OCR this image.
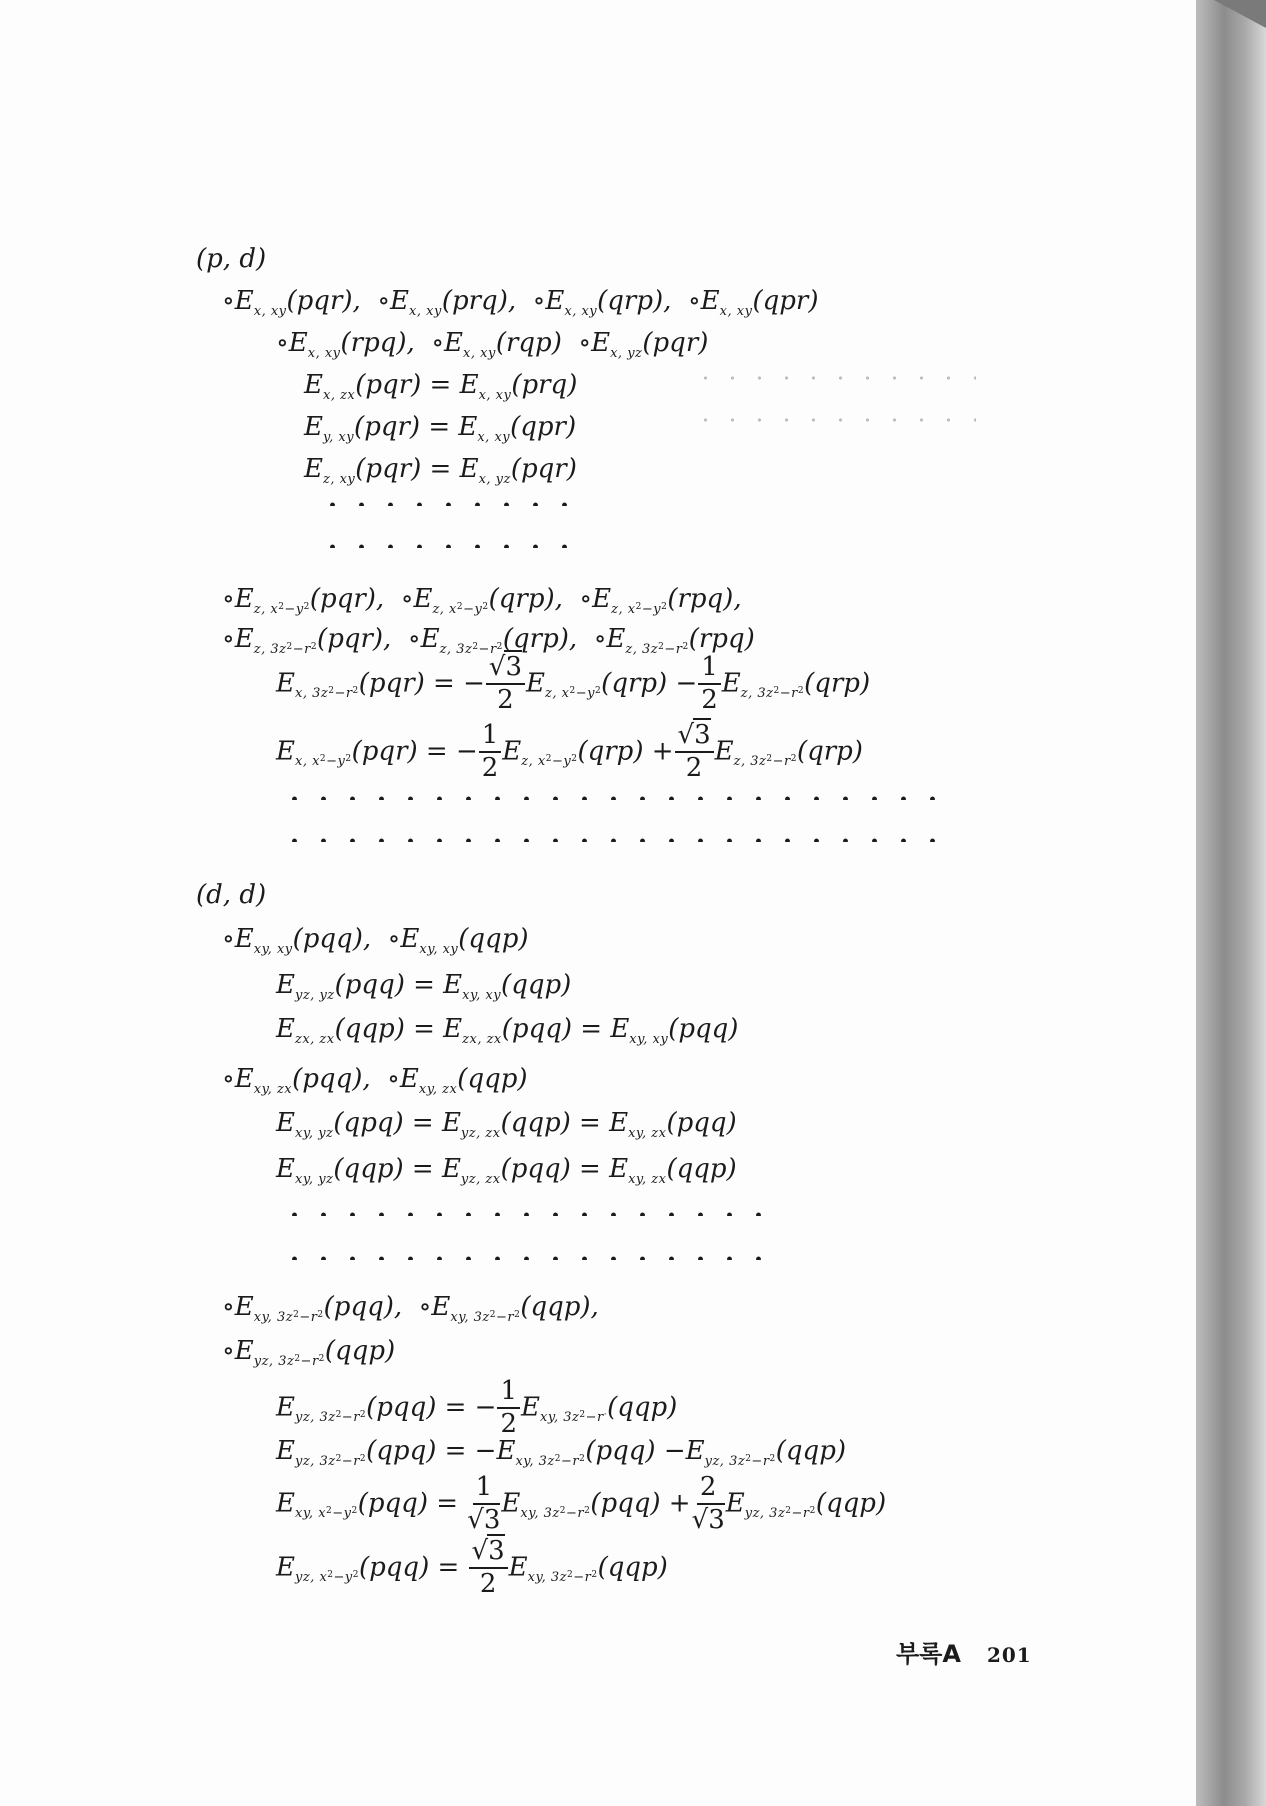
(p, d)
$\circ E_{x, xy}(pqr)$,  $\circ E_{x, xy}(prq)$,  $\circ E_{x, xy}(qrp)$,  $\circ E_{x, xy}(qpr)$
$\circ E_{x, xy}(rpq)$,  $\circ E_{x, xy}(rqp)$  $\circ E_{x, yz}(pqr)$
$E_{x, zx}(pqr) = E_{x, xy}(prq)$
$E_{y, xy}(pqr) = E_{x, xy}(qpr)$
$E_{z, xy}(pqr) = E_{x, yz}(pqr)$
$\circ E_{z, x^2-y^2}(pqr)$,  $\circ E_{z, x^2-y^2}(qrp)$,  $\circ E_{z, x^2-y^2}(rpq)$,
$\circ E_{z, 3z^2-r^2}(pqr)$,  $\circ E_{z, 3z^2-r^2}(qrp)$,  $\circ E_{z, 3z^2-r^2}(rpq)$
$E_{x, 3z^2-r^2}(pqr)$ = − $\frac{√3}{2} E_{z, x^2-y^2}(qrp) - \frac{1}{2} E_{z, 3z^2-r^2}(qrp)$
$E_{x, x^2-y^2}(pqr)$ = − $\frac{1}{2} E_{z, x^2-y^2}(qrp) + \frac{√3}{2} E_{z, 3z^2-r^2}(qrp)$
(d, d)
$\circ E_{xy, xy}(pqq)$,  $\circ E_{xy, xy}(qqp)$
$E_{yz, yz}(pqq) = E_{xy, xy}(qqp)$
$E_{zx, zx}(qqp) = E_{zx, zx}(pqq) = E_{xy, xy}(pqq)$
$\circ E_{xy, zx}(pqq)$,  $\circ E_{xy, zx}(qqp)$
$E_{xy, yz}(qpq) = E_{yz, zx}(qqp) = E_{xy, zx}(pqq)$
$E_{xy, yz}(qqp) = E_{yz, zx}(pqq) = E_{xy, zx}(qqp)$
$\circ E_{xy, 3z^2-r^2}(pqq)$,  $\circ E_{xy, 3z^2-r^2}(qqp)$,
$\circ E_{yz, 3z^2-r^2}(qqp)$
$E_{yz, 3z^2-r^2}(pqq)$ = − $\frac{1}{2} E_{xy, 3z^2-r^\cdot}(qqp)$
$E_{yz, 3z^2-r^2}(qpq) = -E_{xy, 3z^2-r^2}(pqq) -E_{yz, 3z^2-r^2}(qqp)$
$E_{xy, x^2-y^2}(pqq) = \frac{1}{√3} E_{xy, 3z^2-r^2}(pqq) + \frac{2}{√3} E_{yz, 3z^2-r^2}(qqp)$
$E_{yz, x^2-y^2}(pqq) = \frac{√3}{2} E_{xy, 3z^2-r^2}(qqp)$
부록A 201
